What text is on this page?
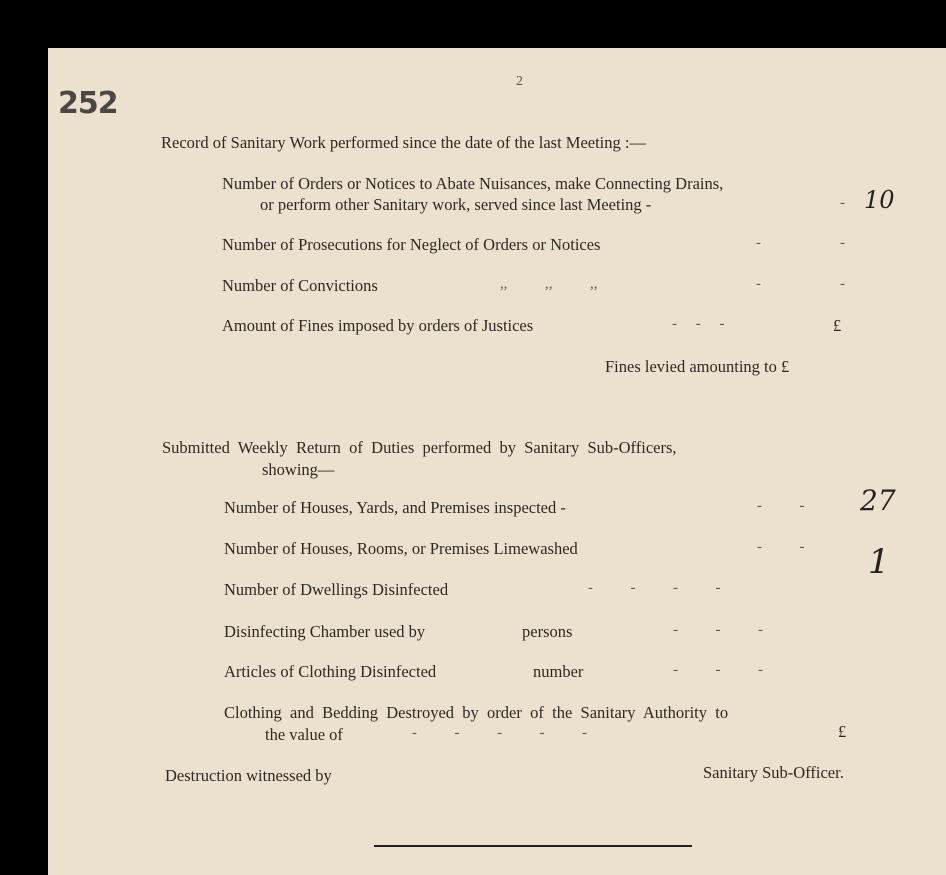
252
2
Record of Sanitary Work performed since the date of the last Meeting :—
Number of Orders or Notices to Abate Nuisances, make Connecting Drains,
or perform other Sanitary work, served since last Meeting -	- 10
Number of Prosecutions for Neglect of Orders or Notices	-	-
Number of Convictions	,,          ,,          ,,	-	-
Amount of Fines imposed by orders of Justices	-     -     -	£
Fines levied amounting to £
Submitted  Weekly  Return  of  Duties  performed  by  Sanitary  Sub-Officers,
showing—
Number of Houses, Yards, and Premises inspected -	-          - 27
Number of Houses, Rooms, or Premises Limewashed	-          - 1
Number of Dwellings Disinfected	-          -          -          -
Disinfecting Chamber used by	persons	-          -          -
Articles of Clothing Disinfected	number	-          -          -
Clothing  and  Bedding  Destroyed  by  order  of  the  Sanitary  Authority  to
the value of	-          -          -          -          -	£
Destruction witnessed by	Sanitary Sub-Officer.
